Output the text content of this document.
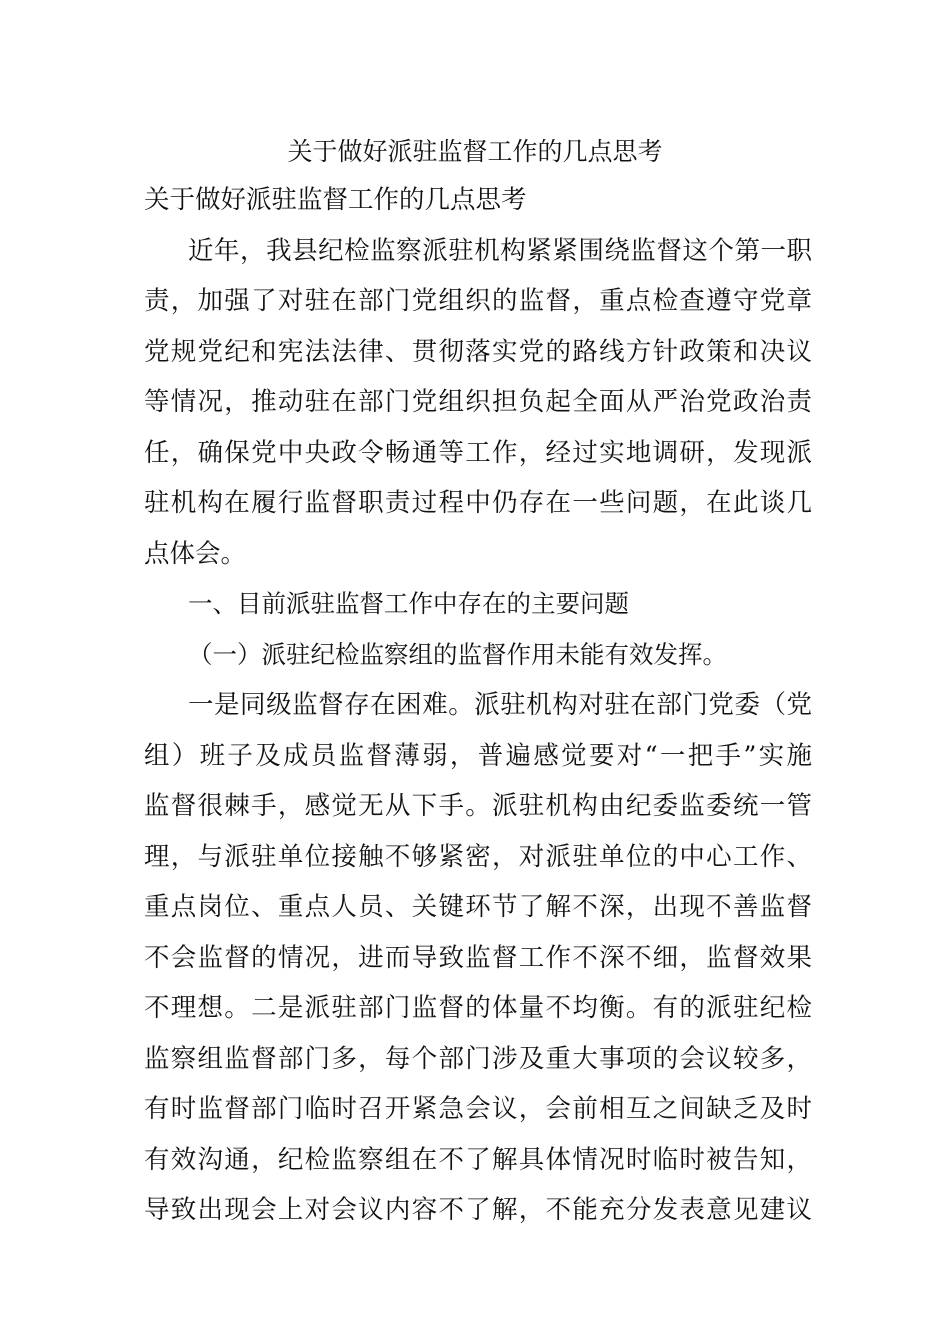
关于做好派驻监督工作的几点思考
关于做好派驻监督工作的几点思考
近年，我县纪检监察派驻机构紧紧围绕监督这个第一职
责，加强了对驻在部门党组织的监督，重点检查遵守党章
党规党纪和宪法法律、贯彻落实党的路线方针政策和决议
等情况，推动驻在部门党组织担负起全面从严治党政治责
任，确保党中央政令畅通等工作，经过实地调研，发现派
驻机构在履行监督职责过程中仍存在一些问题，在此谈几
点体会。
一、目前派驻监督工作中存在的主要问题
（一）派驻纪检监察组的监督作用未能有效发挥。
一是同级监督存在困难。派驻机构对驻在部门党委（党
组）班子及成员监督薄弱，普遍感觉要对“一把手”实施
监督很棘手，感觉无从下手。派驻机构由纪委监委统一管
理，与派驻单位接触不够紧密，对派驻单位的中心工作、
重点岗位、重点人员、关键环节了解不深，出现不善监督
不会监督的情况，进而导致监督工作不深不细，监督效果
不理想。二是派驻部门监督的体量不均衡。有的派驻纪检
监察组监督部门多，每个部门涉及重大事项的会议较多，
有时监督部门临时召开紧急会议，会前相互之间缺乏及时
有效沟通，纪检监察组在不了解具体情况时临时被告知，
导致出现会上对会议内容不了解，不能充分发表意见建议
